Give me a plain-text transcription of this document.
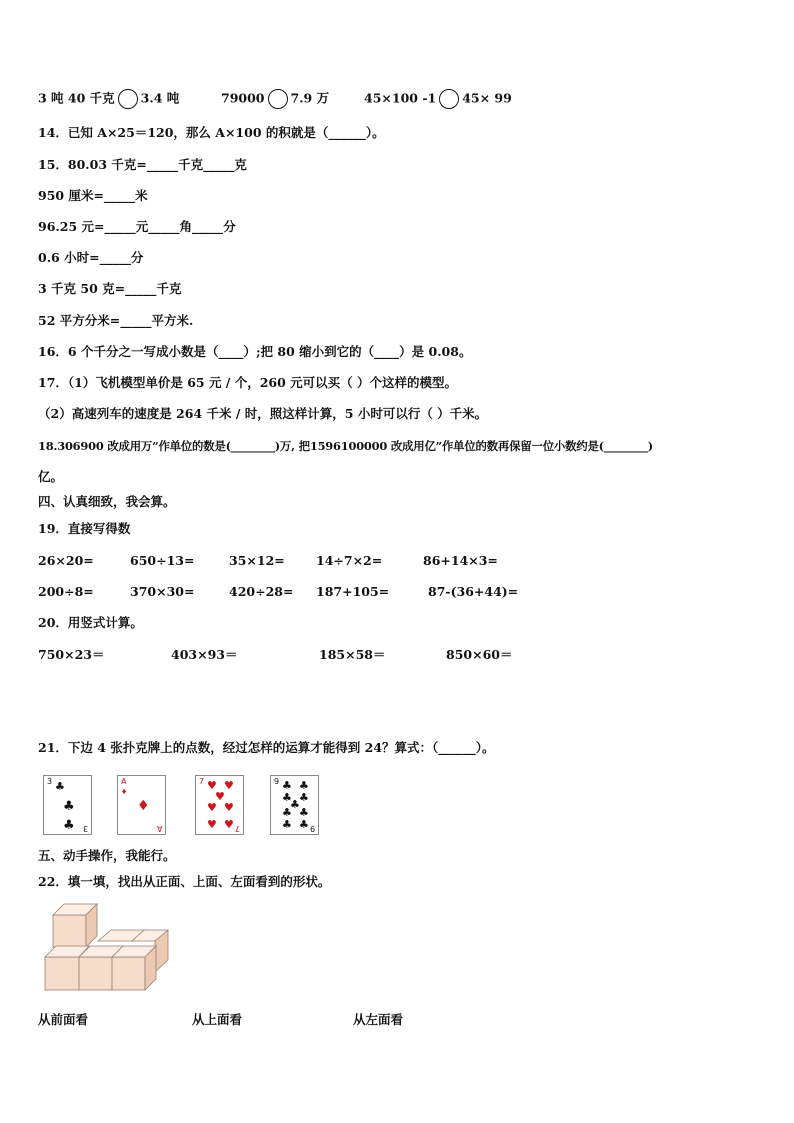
3 吨 40 千克 3.4 吨	79000 7.9 万	45×100 -1 45× 99
14．已知 A×25＝120，那么 A×100 的积就是（______）。
15．80.03 千克=_____千克_____克
950 厘米=_____米
96.25 元=_____元_____角_____分
0.6 小时=_____分
3 千克 50 克=_____千克
52 平方分米=_____平方米.
16．6 个千分之一写成小数是（____）;把 80 缩小到它的（____）是 0.08。
17．（1）飞机模型单价是 65 元 / 个，260 元可以买（ ）个这样的模型。
（2）高速列车的速度是 264 千米 / 时，照这样计算，5 小时可以行（ ）千米。
18.306900 改成用万”作单位的数是(________)万, 把1596100000 改成用亿”作单位的数再保留一位小数约是(________)
亿。
四、认真细致，我会算。
19．直接写得数
26×20=	650÷13=	35×12=	14÷7×2=	86+14×3=
200÷8=	370×30=	420÷28= 187+105=	87-(36+44)=
20．用竖式计算。
750×23＝	403×93＝	185×58＝	850×60＝
21．下边 4 张扑克牌上的点数，经过怎样的运算才能得到 24？算式：（______）。
3 ♣
♣
♣ 3
A
♦
♦
A
7 ♥ ♥
♥
♥ ♥
♥ ♥ 7
9 ♣ ♣
♣ ♣
♣
♣ ♣
♣ ♣ 9
五、动手操作，我能行。
22．填一填，找出从正面、上面、左面看到的形状。
从前面看	从上面看	从左面看
